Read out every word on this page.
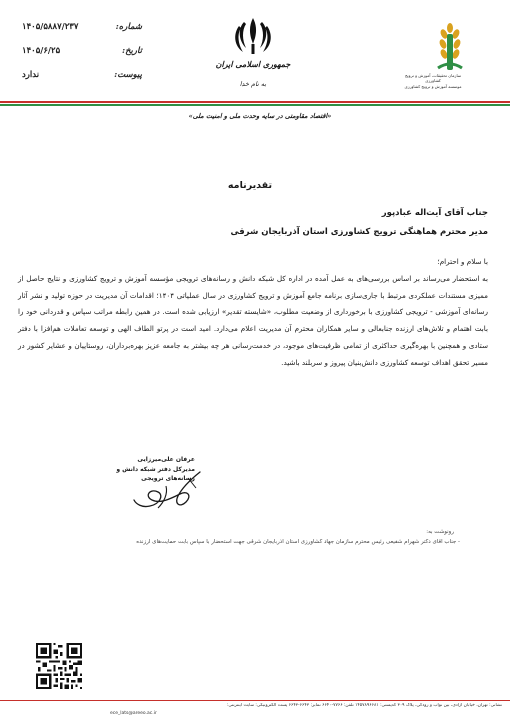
شماره:
۱۴۰۵/۵۸۸۷/۲۳۷
تاریخ:
۱۴۰۵/۶/۲۵
پیوست:
ندارد
جمهوری اسلامی ایران
به نام خدا
سازمان تحقیقات، آموزش و ترویج کشاورزی
موسسه آموزش و ترویج کشاورزی
«اقتصاد مقاومتی در سایه وحدت ملی و امنیت ملی»
تقدیرنامه
جناب آقای آیت‌اله عبادپور
مدیر محترم هماهنگی ترویج کشاورزی استان آذربایجان شرقی

با سلام و احترام؛

به استحضار می‌رساند بر اساس بررسی‌های به عمل آمده در اداره کل شبکه دانش و رسانه‌های ترویجی مؤسسه آموزش و ترویج کشاورزی و نتایج حاصل از ممیزی مستندات عملکردی مرتبط با جاری‌سازی برنامه جامع آموزش و ترویج کشاورزی در سال عملیاتی ۱۴۰۴؛ اقدامات آن مدیریت در حوزه تولید و نشر آثار رسانه‌ای آموزشی - ترویجی کشاورزی با برخورداری از وضعیت مطلوب، «شایسته تقدیر» ارزیابی شده است. در همین رابطه مراتب سپاس و قدردانی خود را بابت اهتمام و تلاش‌های ارزنده جنابعالی و سایر همکاران محترم آن مدیریت اعلام می‌دارد. امید است در پرتو الطاف الهی و توسعه تعاملات هم‌افزا با دفتر ستادی و همچنین با بهره‌گیری حداکثری از تمامی ظرفیت‌های موجود، در خدمت‌رسانی هر چه بیشتر به جامعه عزیز بهره‌برداران، روستاییان و عشایر کشور در مسیر تحقق اهداف توسعه کشاورزی دانش‌بنیان پیروز و سربلند باشید.

عرفان علی‌میرزایی
مدیرکل دفتر شبکه دانش و رسانه‌های ترویجی
رونوشت به:
- جناب آقای دکتر شهرام شفیعی رئیس محترم سازمان جهاد کشاورزی استان آذربایجان شرقی جهت استحضار با سپاس بابت حمایت‌های ارزنده
نشانی: تهران، خیابان آزادی، بین نواب و رودکی، پلاک ۳۰۹ کدپستی: ۱۴۵۷۸۹۶۶۸۱ تلفن: ۷۷۶۶-۶۶۴۰ نمابر: ۶۶۴۳-۶۶۴۳ پست الکترونیکی: سایت اینترنتی:
ece_lats@areeo.ac.ir
